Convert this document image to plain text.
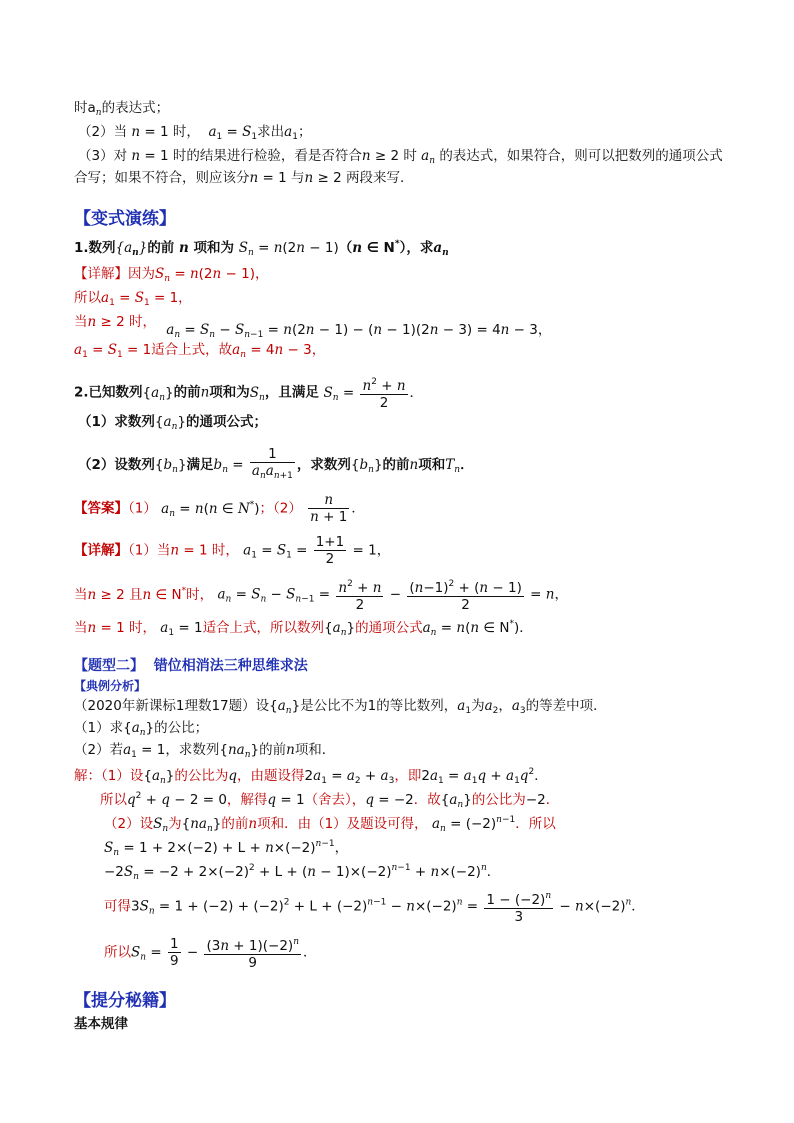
时$a_n$的表达式；
（2）当 n = 1 时， $a_1 = S_1$求出$a_1$；
（3）对 n = 1 时的结果进行检验，看是否符合n ≥ 2 时 $a_n$ 的表达式，如果符合，则可以把数列的通项公式
合写；如果不符合，则应该分n = 1 与n ≥ 2 两段来写．
【变式演练】
1.数列$\{a_n\}$的前 n 项和为 $S_n = n(2n - 1)(n$ ∈ N*），求$a_n$
【详解】因为$S_n = n(2n - 1)$，
所以$a_1 = S_1 = 1$，
当n ≥ 2 时， $a_n = S_n - S_{n-1} = n(2n - 1) - (n - 1)(2n - 3) = 4n - 3$，
$a_1 = S_1 = 1$适合上式，故$a_n = 4n - 3$，
2.已知数列$\{a_n\}$的前n项和为$S_n$，且满足 $S_n = \frac{n^2 + n}{2}$ ．
（1）求数列$\{a_n\}$的通项公式；
（2）设数列$\{b_n\}$满足$b_n = \frac{1}{a_na_{n+1}}$ ，求数列$\{b_n\}$的前n项和$T_n$．
【答案】（1） $a_n = n(n$ ∈ N*)；$(2) \frac{n}{n + 1}$ ．
【详解】（1）当n = 1 时， $a_1 = S_1 = \frac{1+1}{2} = 1$，
当n ≥ 2 且n ∈ N*时， $a_n = S_n - S_{n-1} = \frac{n^2 + n}{2} - \frac{(n-1)^2 + (n - 1)}{2} = n$，
当n = 1 时， $a_1 = 1$适合上式，所以数列$\{a_n\}$的通项公式$a_n = n(n$ ∈ N*)．
【题型二】 错位相消法三种思维求法
【典例分析】
（2020年新课标1理数17题）设$\{a_n\}$是公比不为1的等比数列，$a_1$为$a_2$，$a_3$的等差中项．
（1）求$\{a_n\}$的公比；
（2）若$a_1 = 1$，求数列$\{na_n\}$的前n项和．
解：（1）设$\{a_n\}$的公比为q，由题设得$2a_1 = a_2 + a_3$，即$2a_1 = a_1q + a_1q^2$．
所以$q^2 + q - 2 = 0$，解得q = 1（舍去），q = −2．故$\{a_n\}$的公比为−2．
（2）设$S_n$为$\{na_n\}$的前n项和．由（1）及题设可得， $a_n = (-2)^{n-1}$．所以
$S_n = 1 + 2\times(-2) + L + n\times(-2)^{n-1}$，
$-2S_n = -2 + 2\times(-2)^2 + L + (n - 1)\times(-2)^{n-1} + n\times(-2)^n$．
可得$3S_n = 1 + (-2) + (-2)^2 + L + (-2)^{n-1} - n\times(-2)^n = \frac{1 - (-2)^n}{3} - n\times(-2)^n$．
所以$S_n = \frac{1}{9} - \frac{(3n + 1)(-2)^n}{9}$ ．
【提分秘籍】
基本规律
